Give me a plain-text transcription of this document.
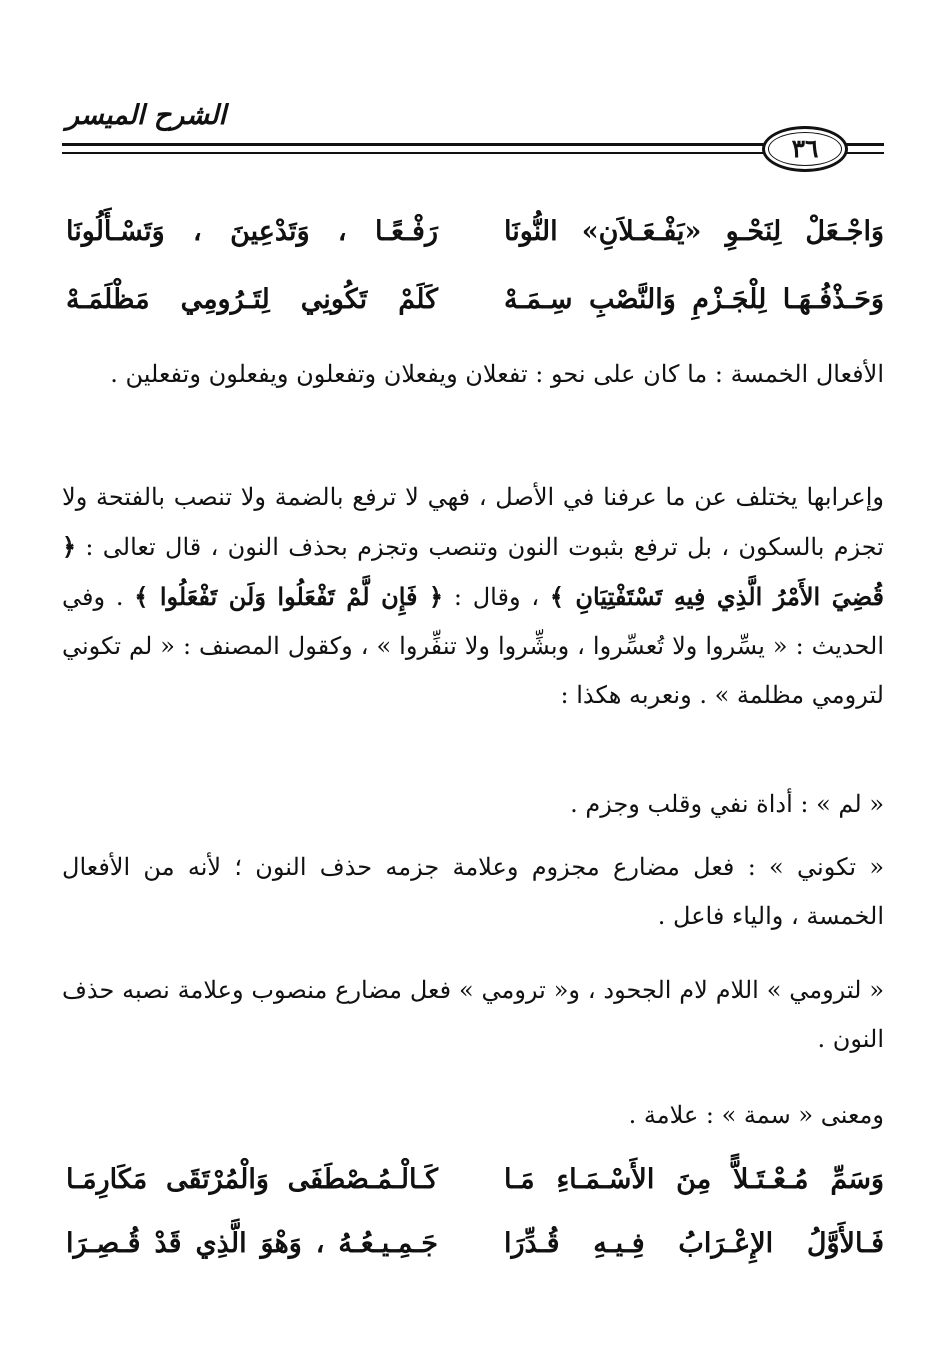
الشرح الميسر
٣٦
وَاجْـعَلْ لِنَحْـوِ «يَفْـعَـلاَنِ» النُّونَا
رَفْـعًـا ، وَتَدْعِينَ ، وَتَسْـأَلُونَا
وَحَـذْفُـهَـا لِلْجَـزْمِ وَالنَّصْبِ سِـمَـهْ
كَلَمْ تَكُونِي لِتَـرُومِي مَظْلَمَـهْ
الأفعال الخمسة : ما كان على نحو : تفعلان ويفعلان وتفعلون ويفعلون وتفعلين .
وإعرابها يختلف عن ما عرفنا في الأصل ، فهي لا ترفع بالضمة ولا تنصب بالفتحة ولا تجزم بالسكون ، بل ترفع بثبوت النون وتنصب وتجزم بحذف النون ، قال تعالى : ﴿ قُضِيَ الأَمْرُ الَّذِي فِيهِ تَسْتَفْتِيَانِ ﴾ ، وقال : ﴿ فَإِن لَّمْ تَفْعَلُوا وَلَن تَفْعَلُوا ﴾ . وفي الحديث : « يسِّروا ولا تُعسِّروا ، وبشِّروا ولا تنفِّروا » ، وكقول المصنف : « لم تكوني لترومي مظلمة » . ونعربه هكذا :
« لم » : أداة نفي وقلب وجزم .
« تكوني » : فعل مضارع مجزوم وعلامة جزمه حذف النون ؛ لأنه من الأفعال الخمسة ، والياء فاعل .
« لترومي » اللام لام الجحود ، و« ترومي » فعل مضارع منصوب وعلامة نصبه حذف النون .
ومعنى « سمة » : علامة .
وَسَمِّ مُـعْـتَـلاًّ مِنَ الأَسْـمَـاءِ مَـا
كَـالْـمُـصْطَفَى وَالْمُرْتَقَى مَكَارِمَـا
فَـالأَوَّلُ الإِعْـرَابُ فِـيـهِ قُـدِّرَا
جَـمِـيـعُـهُ ، وَهْوَ الَّذِي قَدْ قُـصِـرَا
